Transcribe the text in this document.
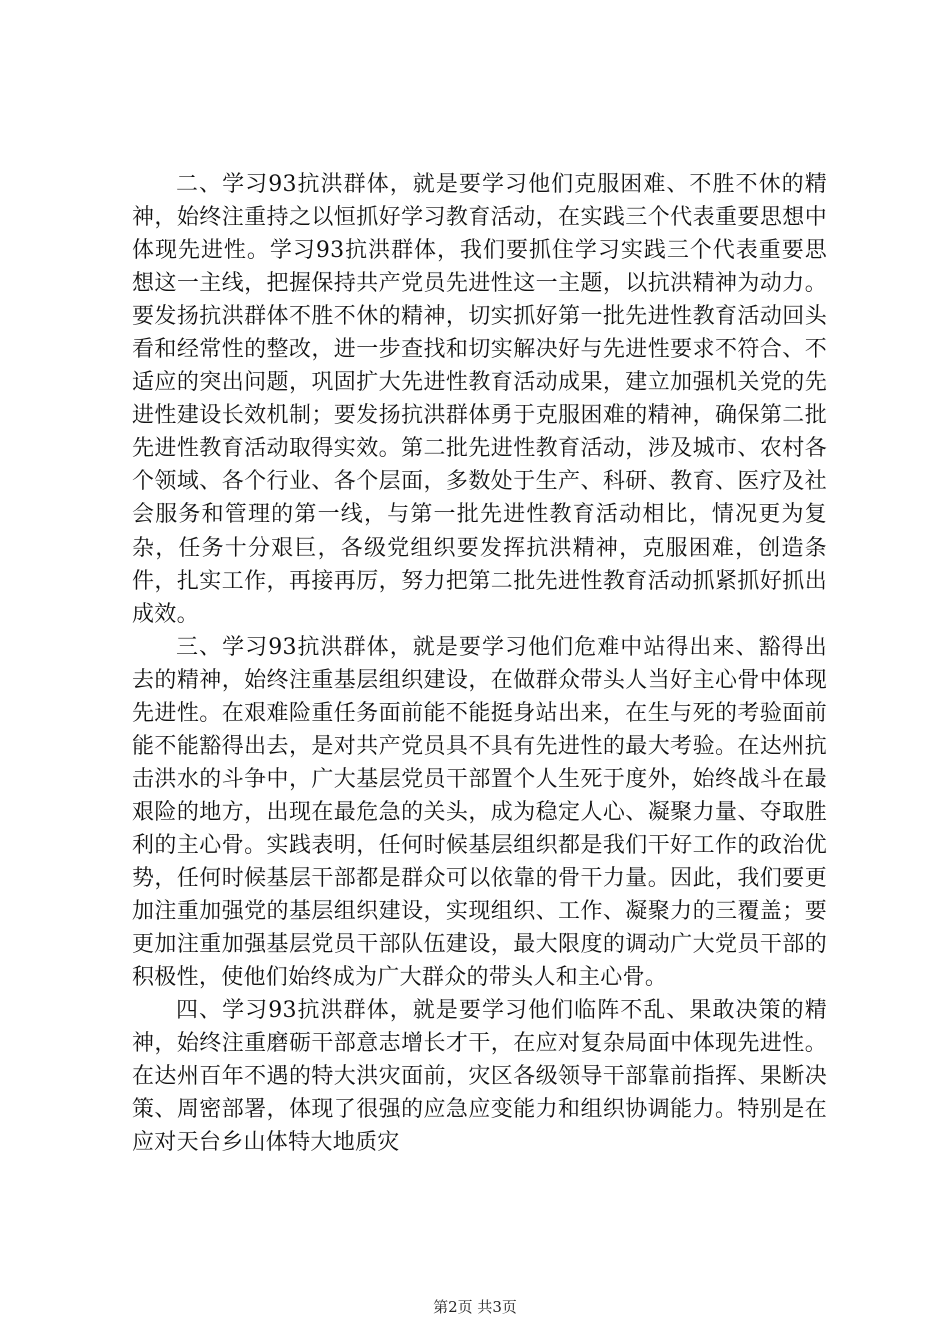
二、学习93抗洪群体，就是要学习他们克服困难、不胜不休的精神，始终注重持之以恒抓好学习教育活动，在实践三个代表重要思想中体现先进性。学习93抗洪群体，我们要抓住学习实践三个代表重要思想这一主线，把握保持共产党员先进性这一主题，以抗洪精神为动力。要发扬抗洪群体不胜不休的精神，切实抓好第一批先进性教育活动回头看和经常性的整改，进一步查找和切实解决好与先进性要求不符合、不适应的突出问题，巩固扩大先进性教育活动成果，建立加强机关党的先进性建设长效机制；要发扬抗洪群体勇于克服困难的精神，确保第二批先进性教育活动取得实效。第二批先进性教育活动，涉及城市、农村各个领域、各个行业、各个层面，多数处于生产、科研、教育、医疗及社会服务和管理的第一线，与第一批先进性教育活动相比，情况更为复杂，任务十分艰巨，各级党组织要发挥抗洪精神，克服困难，创造条件，扎实工作，再接再厉，努力把第二批先进性教育活动抓紧抓好抓出成效。

三、学习93抗洪群体，就是要学习他们危难中站得出来、豁得出去的精神，始终注重基层组织建设，在做群众带头人当好主心骨中体现先进性。在艰难险重任务面前能不能挺身站出来，在生与死的考验面前能不能豁得出去，是对共产党员具不具有先进性的最大考验。在达州抗击洪水的斗争中，广大基层党员干部置个人生死于度外，始终战斗在最艰险的地方，出现在最危急的关头，成为稳定人心、凝聚力量、夺取胜利的主心骨。实践表明，任何时候基层组织都是我们干好工作的政治优势，任何时候基层干部都是群众可以依靠的骨干力量。因此，我们要更加注重加强党的基层组织建设，实现组织、工作、凝聚力的三覆盖；要更加注重加强基层党员干部队伍建设，最大限度的调动广大党员干部的积极性，使他们始终成为广大群众的带头人和主心骨。

四、学习93抗洪群体，就是要学习他们临阵不乱、果敢决策的精神，始终注重磨砺干部意志增长才干，在应对复杂局面中体现先进性。在达州百年不遇的特大洪灾面前，灾区各级领导干部靠前指挥、果断决策、周密部署，体现了很强的应急应变能力和组织协调能力。特别是在应对天台乡山体特大地质灾

第2页 共3页
